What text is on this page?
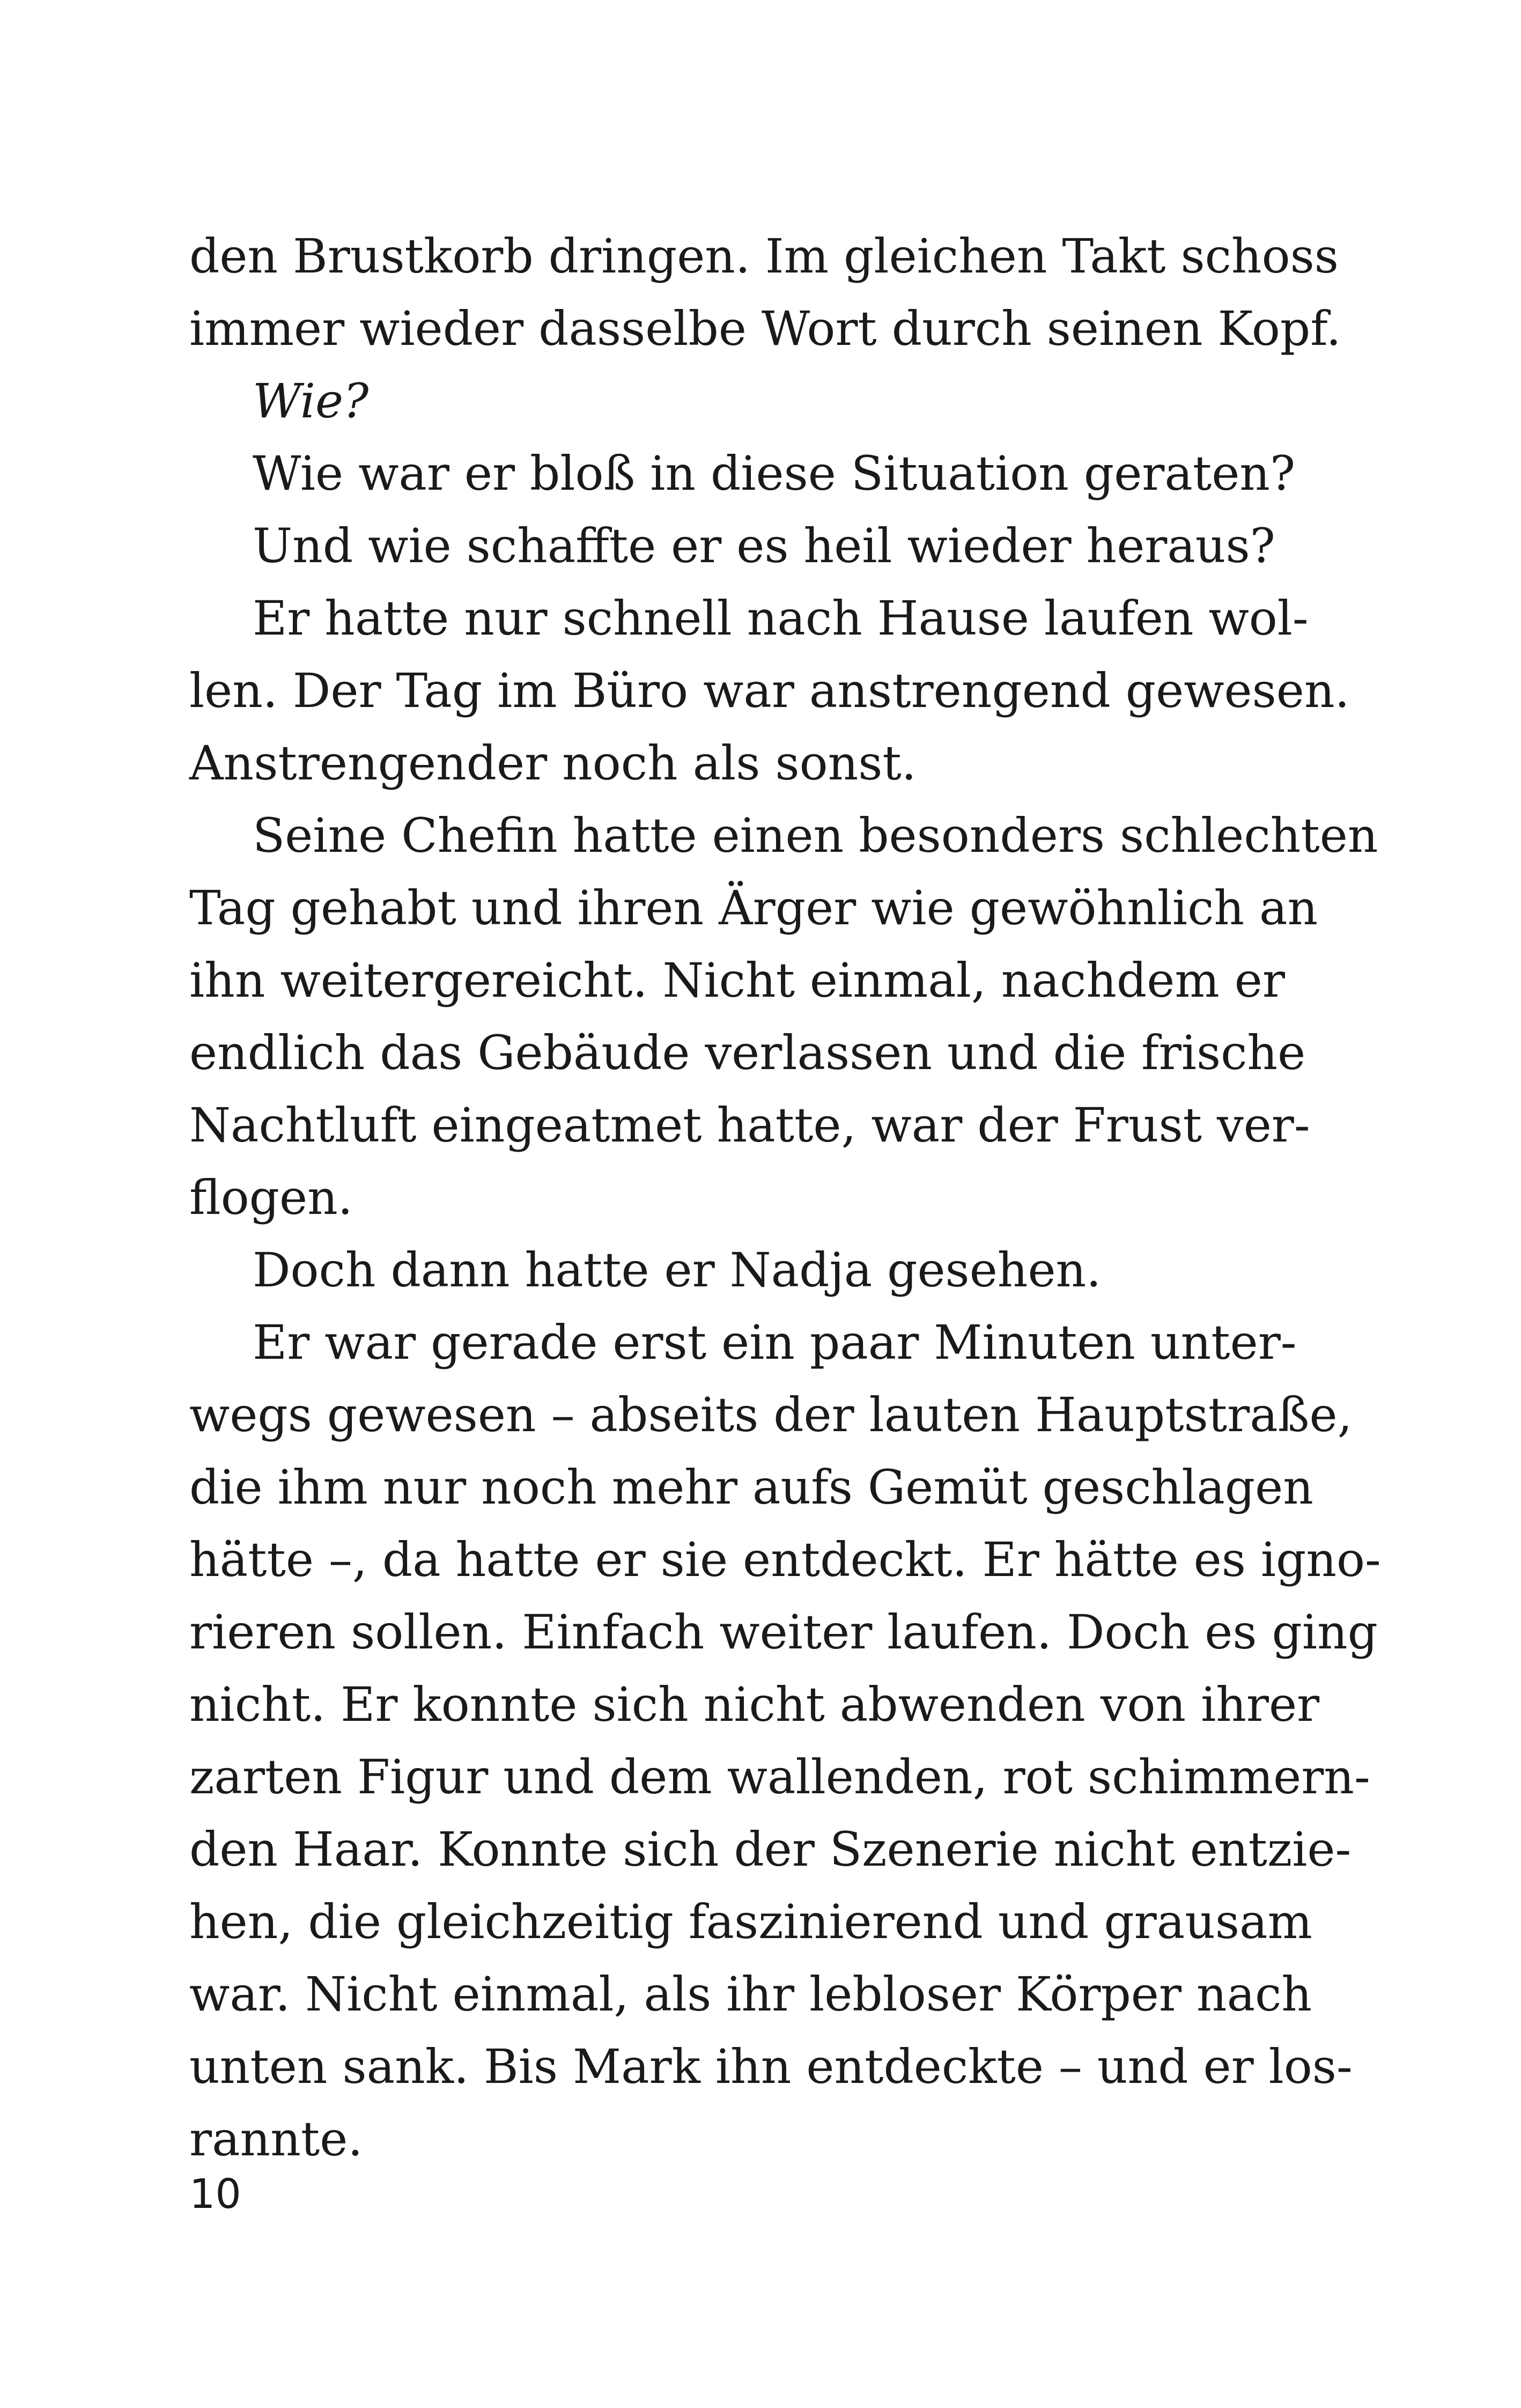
den Brustkorb dringen. Im gleichen Takt schoss
immer wieder dasselbe Wort durch seinen Kopf.
Wie?
Wie war er bloß in diese Situation geraten?
Und wie schaffte er es heil wieder heraus?
Er hatte nur schnell nach Hause laufen wol-
len. Der Tag im Büro war anstrengend gewesen.
Anstrengender noch als sonst.
Seine Chefin hatte einen besonders schlechten
Tag gehabt und ihren Ärger wie gewöhnlich an
ihn weitergereicht. Nicht einmal, nachdem er
endlich das Gebäude verlassen und die frische
Nachtluft eingeatmet hatte, war der Frust ver-
flogen.
Doch dann hatte er Nadja gesehen.
Er war gerade erst ein paar Minuten unter-
wegs gewesen – abseits der lauten Hauptstraße,
die ihm nur noch mehr aufs Gemüt geschlagen
hätte –, da hatte er sie entdeckt. Er hätte es igno-
rieren sollen. Einfach weiter laufen. Doch es ging
nicht. Er konnte sich nicht abwenden von ihrer
zarten Figur und dem wallenden, rot schimmern-
den Haar. Konnte sich der Szenerie nicht entzie-
hen, die gleichzeitig faszinierend und grausam
war. Nicht einmal, als ihr lebloser Körper nach
unten sank. Bis Mark ihn entdeckte – und er los-
rannte.
10
